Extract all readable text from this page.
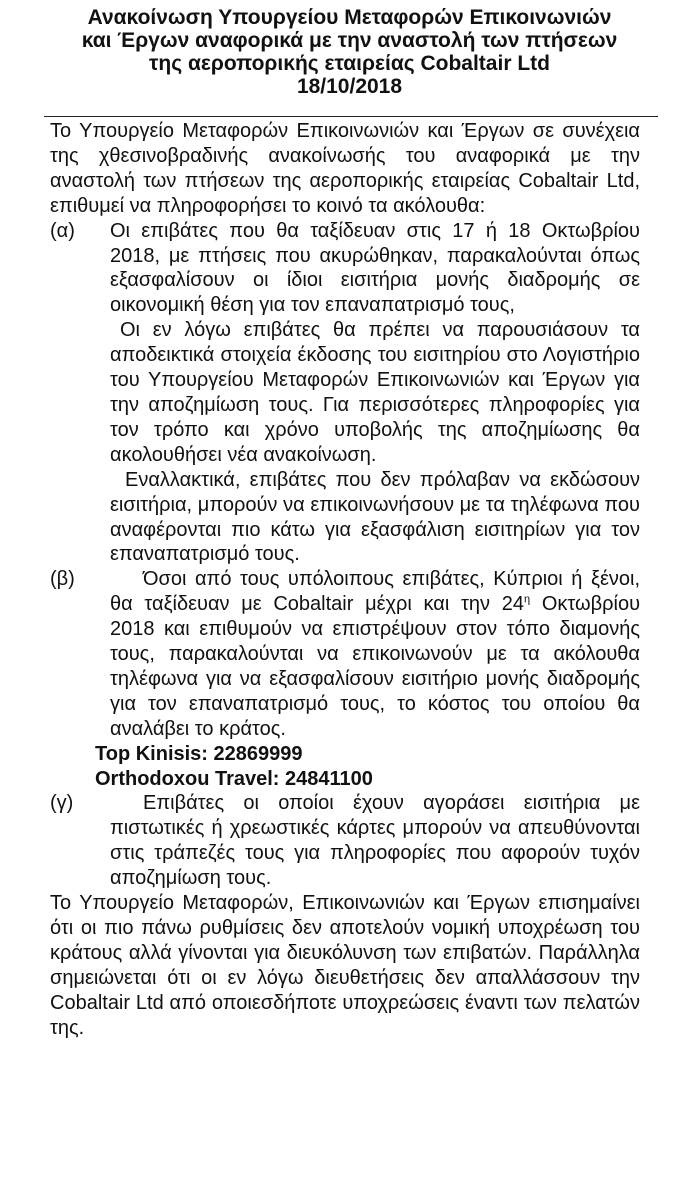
Ανακοίνωση Υπουργείου Μεταφορών Επικοινωνιών
και Έργων αναφορικά με την αναστολή των πτήσεων
της αεροπορικής εταιρείας Cobaltair Ltd
18/10/2018
Το Υπουργείο Μεταφορών Επικοινωνιών και Έργων σε συνέχεια της χθεσινοβραδινής ανακοίνωσής του αναφορικά με την αναστολή των πτήσεων της αεροπορικής εταιρείας Cobaltair Ltd, επιθυμεί να πληροφορήσει το κοινό τα ακόλουθα:
(α)	Οι επιβάτες που θα ταξίδευαν στις 17 ή 18 Οκτωβρίου 2018, με πτήσεις που ακυρώθηκαν, παρακαλούνται όπως εξασφαλίσουν οι ίδιοι εισιτήρια μονής διαδρομής σε οικονομική θέση για τον επαναπατρισμό τους,
Οι εν λόγω επιβάτες θα πρέπει να παρουσιάσουν τα αποδεικτικά στοιχεία έκδοσης του εισιτηρίου στο Λογιστήριο του Υπουργείου Μεταφορών Επικοινωνιών και Έργων για την αποζημίωση τους. Για περισσότερες πληροφορίες για τον τρόπο και χρόνο υποβολής της αποζημίωσης θα ακολουθήσει νέα ανακοίνωση.
Εναλλακτικά, επιβάτες που δεν πρόλαβαν να εκδώσουν εισιτήρια, μπορούν να επικοινωνήσουν με τα τηλέφωνα που αναφέρονται πιο κάτω για εξασφάλιση εισιτηρίων για τον επαναπατρισμό τους.
(β)	Όσοι από τους υπόλοιπους επιβάτες, Κύπριοι ή ξένοι, θα ταξίδευαν με Cobaltair μέχρι και την $24^\eta$ Οκτωβρίου 2018 και επιθυμούν να επιστρέψουν στον τόπο διαμονής τους, παρακαλούνται να επικοινωνούν με τα ακόλουθα τηλέφωνα για να εξασφαλίσουν εισιτήριο μονής διαδρομής για τον επαναπατρισμό τους, το κόστος του οποίου θα αναλάβει το κράτος.
Top Kinisis: 22869999
Orthodoxou Travel: 24841100
(γ)	Επιβάτες οι οποίοι έχουν αγοράσει εισιτήρια με πιστωτικές ή χρεωστικές κάρτες μπορούν να απευθύνονται στις τράπεζές τους για πληροφορίες που αφορούν τυχόν αποζημίωση τους.
Το Υπουργείο Μεταφορών, Επικοινωνιών και Έργων επισημαίνει ότι οι πιο πάνω ρυθμίσεις δεν αποτελούν νομική υποχρέωση του κράτους αλλά γίνονται για διευκόλυνση των επιβατών. Παράλληλα σημειώνεται ότι οι εν λόγω διευθετήσεις δεν απαλλάσσουν την Cobaltair Ltd από οποιεσδήποτε υποχρεώσεις έναντι των πελατών της.
